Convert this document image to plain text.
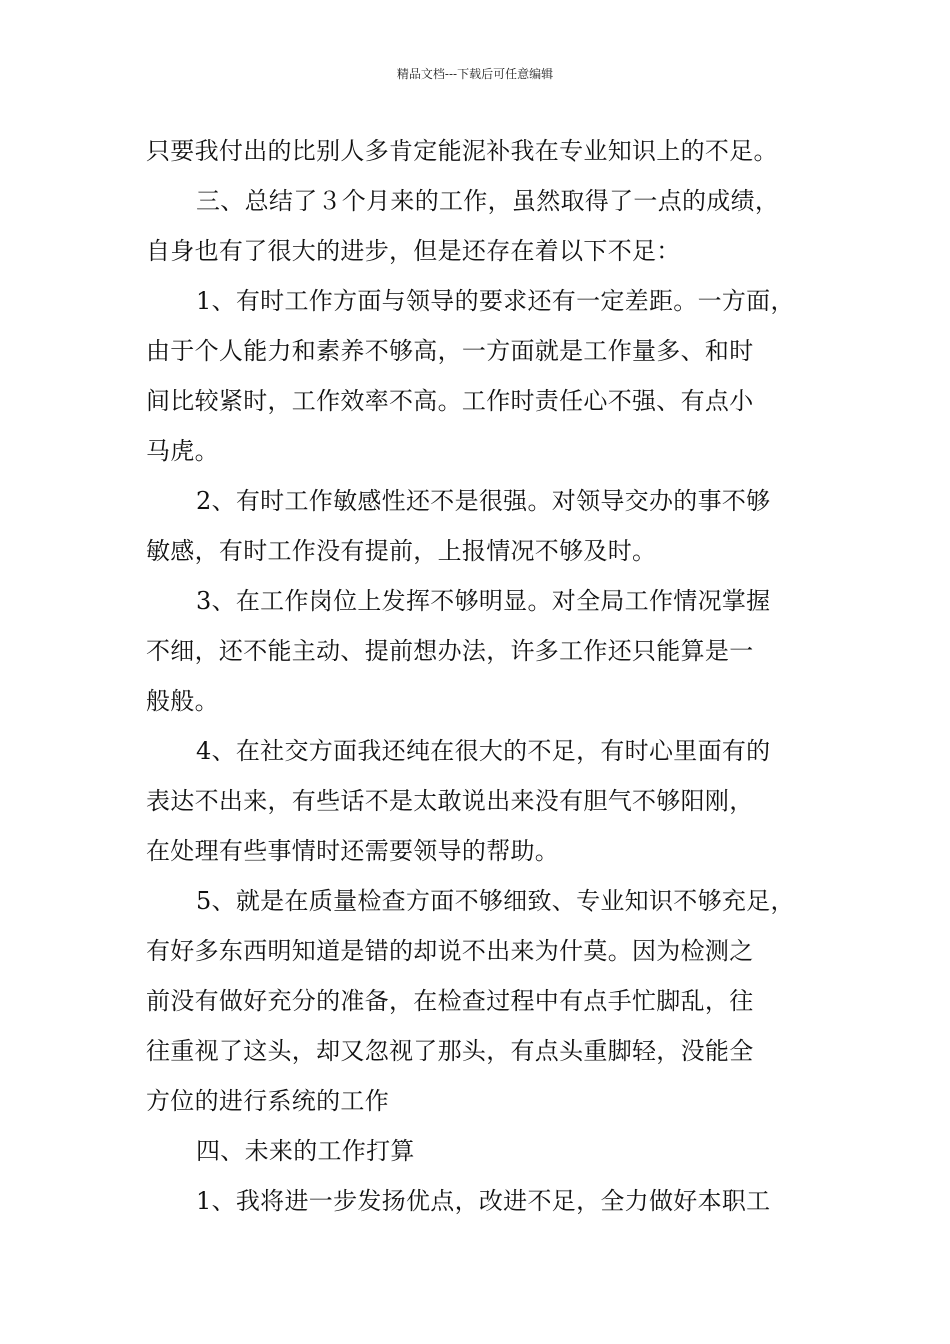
精品文档---下载后可任意编辑
只要我付出的比别人多肯定能泥补我在专业知识上的不足。
三、总结了３个月来的工作，虽然取得了一点的成绩，
自身也有了很大的进步，但是还存在着以下不足：
1、有时工作方面与领导的要求还有一定差距。一方面，
由于个人能力和素养不够高，一方面就是工作量多、和时
间比较紧时，工作效率不高。工作时责任心不强、有点小
马虎。
2、有时工作敏感性还不是很强。对领导交办的事不够
敏感，有时工作没有提前，上报情况不够及时。
3、在工作岗位上发挥不够明显。对全局工作情况掌握
不细，还不能主动、提前想办法，许多工作还只能算是一
般般。
4、在社交方面我还纯在很大的不足，有时心里面有的
表达不出来，有些话不是太敢说出来没有胆气不够阳刚，
在处理有些事情时还需要领导的帮助。
5、就是在质量检查方面不够细致、专业知识不够充足，
有好多东西明知道是错的却说不出来为什莫。因为检测之
前没有做好充分的准备，在检查过程中有点手忙脚乱，往
往重视了这头，却又忽视了那头，有点头重脚轻，没能全
方位的进行系统的工作
四、未来的工作打算
1、我将进一步发扬优点，改进不足，全力做好本职工
